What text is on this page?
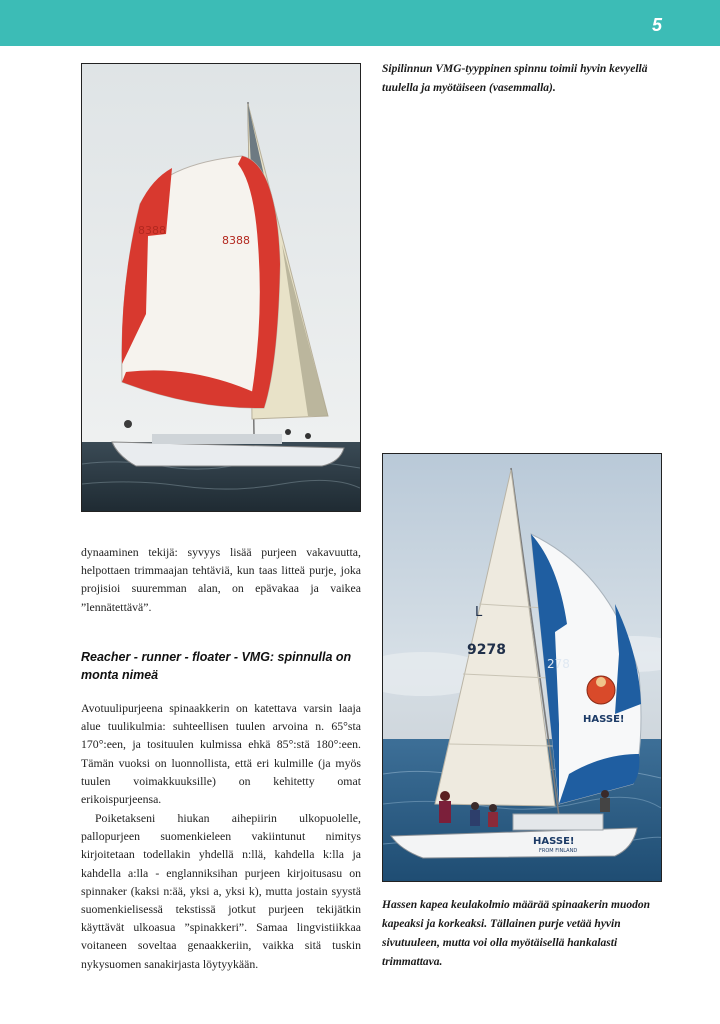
5
8388
8388
Sipilinnun VMG-tyyppinen spinnu toimii hyvin kevyellä tuulella ja myötäiseen (vasemmalla).
dynaaminen tekijä: syvyys lisää purjeen vakavuutta, helpottaen trimmaajan tehtäviä, kun taas litteä purje, joka projisioi suuremman alan, on epävakaa ja vaikea ”lennätettävä”.
Reacher - runner - floater - VMG: spinnulla on monta nimeä
Avotuulipurjeena spinaakkerin on katettava varsin laaja alue tuulikulmia: suhteellisen tuulen arvoina n. 65°sta 170°:een, ja tosituulen kulmissa ehkä 85°:stä 180°:een. Tämän vuoksi on luonnollista, että eri kulmille (ja myös tuulen voimakkuuksille) on kehitetty omat erikoispurjeensa.
Poiketakseni hiukan aihepiirin ulkopuolelle, pallopurjeen suomenkieleen vakiintunut nimitys kirjoitetaan todellakin yhdellä n:llä, kahdella k:lla ja kahdella a:lla - englanniksihan purjeen kirjoitusasu on spinnaker (kaksi n:ää, yksi a, yksi k), mutta jostain syystä suomenkielisessä tekstissä jotkut purjeen tekijätkin käyttävät ulkoasua ”spinakkeri”. Samaa lingvistiikkaa voitaneen soveltaa genaakkeriin, vaikka sitä tuskin nykysuomen sanakirjasta löytyykään.
L
9278
278
HASSE!
HASSE!
FROM FINLAND
Hassen kapea keulakolmio määrää spinaakerin muodon kapeaksi ja korkeaksi. Tällainen purje vetää hyvin sivutuuleen, mutta voi olla myötäisellä hankalasti trimmattava.
